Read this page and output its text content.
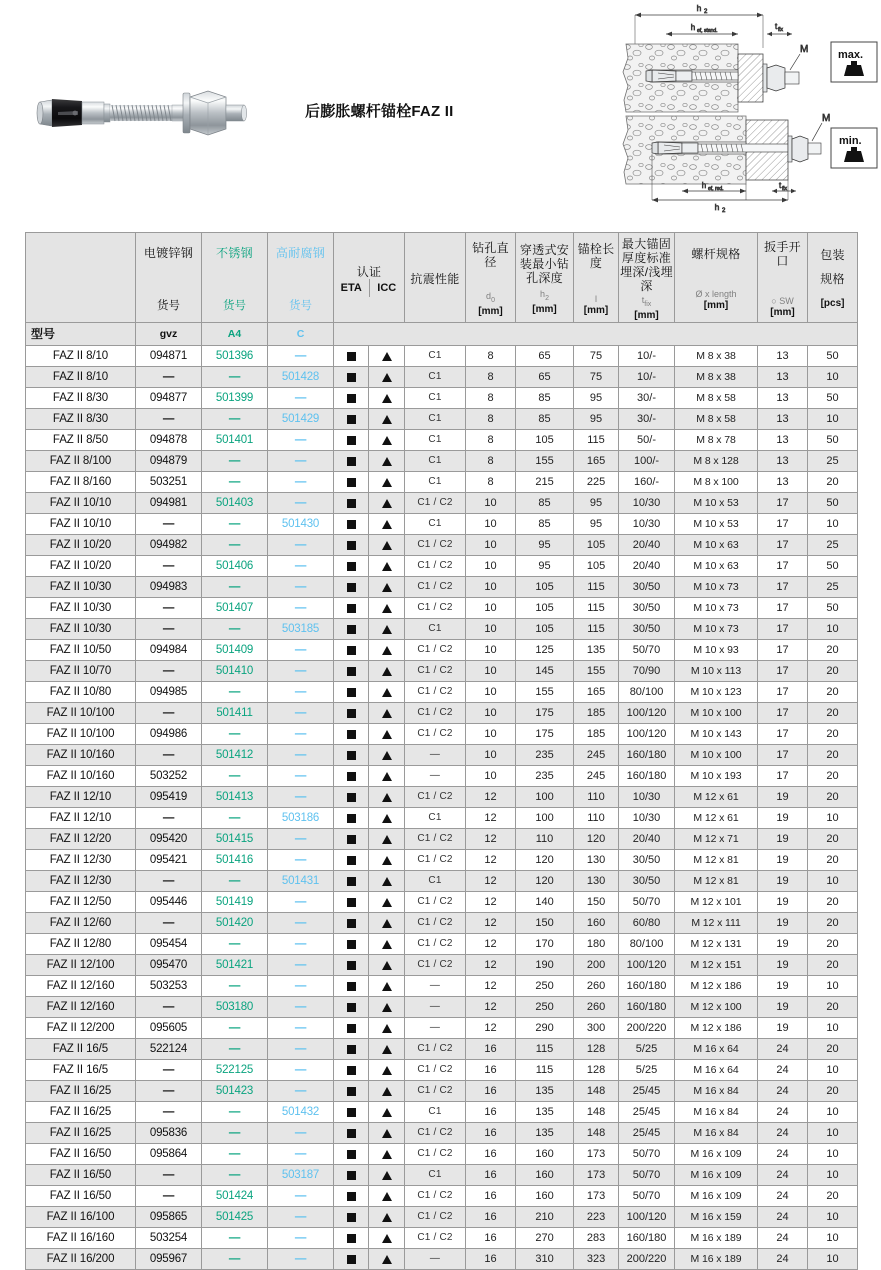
后膨胀螺杆锚栓FAZ II
h 2
h ef, stand.	t fix
M
M
h ef, red.	t fix
h 2
max.
min.

电镀锌钢
货号

不锈钢
货号

高耐腐钢
货号

认证
ETA ICC

抗震性能

钻孔直径
$d_0$
[mm]

穿透式安装最小钻孔深度
$h_2$
[mm]

锚栓长度
l
[mm]

最大锚固厚度标准埋深/浅埋深
$t_{fix}$
[mm]

螺杆规格
Ø x length
[mm]

扳手开口
○ SW
[mm]

包装
规格
[pcs]

型号	gvz	A4	C										
FAZ II 8/10	094871	501396	—			C1	8	65	75	10/-	M 8 x 38	13	50
FAZ II 8/10	—	—	501428			C1	8	65	75	10/-	M 8 x 38	13	10
FAZ II 8/30	094877	501399	—			C1	8	85	95	30/-	M 8 x 58	13	50
FAZ II 8/30	—	—	501429			C1	8	85	95	30/-	M 8 x 58	13	10
FAZ II 8/50	094878	501401	—			C1	8	105	115	50/-	M 8 x 78	13	50
FAZ II 8/100	094879	—	—			C1	8	155	165	100/-	M 8 x 128	13	25
FAZ II 8/160	503251	—	—			C1	8	215	225	160/-	M 8 x 100	13	20
FAZ II 10/10	094981	501403	—			C1 / C2	10	85	95	10/30	M 10 x 53	17	50
FAZ II 10/10	—	—	501430			C1	10	85	95	10/30	M 10 x 53	17	10
FAZ II 10/20	094982	—	—			C1 / C2	10	95	105	20/40	M 10 x 63	17	25
FAZ II 10/20	—	501406	—			C1 / C2	10	95	105	20/40	M 10 x 63	17	50
FAZ II 10/30	094983	—	—			C1 / C2	10	105	115	30/50	M 10 x 73	17	25
FAZ II 10/30	—	501407	—			C1 / C2	10	105	115	30/50	M 10 x 73	17	50
FAZ II 10/30	—	—	503185			C1	10	105	115	30/50	M 10 x 73	17	10
FAZ II 10/50	094984	501409	—			C1 / C2	10	125	135	50/70	M 10 x 93	17	20
FAZ II 10/70	—	501410	—			C1 / C2	10	145	155	70/90	M 10 x 113	17	20
FAZ II 10/80	094985	—	—			C1 / C2	10	155	165	80/100	M 10 x 123	17	20
FAZ II 10/100	—	501411	—			C1 / C2	10	175	185	100/120	M 10 x 100	17	20
FAZ II 10/100	094986	—	—			C1 / C2	10	175	185	100/120	M 10 x 143	17	20
FAZ II 10/160	—	501412	—			—	10	235	245	160/180	M 10 x 100	17	20
FAZ II 10/160	503252	—	—			—	10	235	245	160/180	M 10 x 193	17	20
FAZ II 12/10	095419	501413	—			C1 / C2	12	100	110	10/30	M 12 x 61	19	20
FAZ II 12/10	—	—	503186			C1	12	100	110	10/30	M 12 x 61	19	10
FAZ II 12/20	095420	501415	—			C1 / C2	12	110	120	20/40	M 12 x 71	19	20
FAZ II 12/30	095421	501416	—			C1 / C2	12	120	130	30/50	M 12 x 81	19	20
FAZ II 12/30	—	—	501431			C1	12	120	130	30/50	M 12 x 81	19	10
FAZ II 12/50	095446	501419	—			C1 / C2	12	140	150	50/70	M 12 x 101	19	20
FAZ II 12/60	—	501420	—			C1 / C2	12	150	160	60/80	M 12 x 111	19	20
FAZ II 12/80	095454	—	—			C1 / C2	12	170	180	80/100	M 12 x 131	19	20
FAZ II 12/100	095470	501421	—			C1 / C2	12	190	200	100/120	M 12 x 151	19	20
FAZ II 12/160	503253	—	—			—	12	250	260	160/180	M 12 x 186	19	10
FAZ II 12/160	—	503180	—			—	12	250	260	160/180	M 12 x 100	19	20
FAZ II 12/200	095605	—	—			—	12	290	300	200/220	M 12 x 186	19	10
FAZ II 16/5	522124	—	—			C1 / C2	16	115	128	5/25	M 16 x 64	24	20
FAZ II 16/5	—	522125	—			C1 / C2	16	115	128	5/25	M 16 x 64	24	10
FAZ II 16/25	—	501423	—			C1 / C2	16	135	148	25/45	M 16 x 84	24	20
FAZ II 16/25	—	—	501432			C1	16	135	148	25/45	M 16 x 84	24	10
FAZ II 16/25	095836	—	—			C1 / C2	16	135	148	25/45	M 16 x 84	24	10
FAZ II 16/50	095864	—	—			C1 / C2	16	160	173	50/70	M 16 x 109	24	10
FAZ II 16/50	—	—	503187			C1	16	160	173	50/70	M 16 x 109	24	10
FAZ II 16/50	—	501424	—			C1 / C2	16	160	173	50/70	M 16 x 109	24	20
FAZ II 16/100	095865	501425	—			C1 / C2	16	210	223	100/120	M 16 x 159	24	10
FAZ II 16/160	503254	—	—			C1 / C2	16	270	283	160/180	M 16 x 189	24	10
FAZ II 16/200	095967	—	—			—	16	310	323	200/220	M 16 x 189	24	10
